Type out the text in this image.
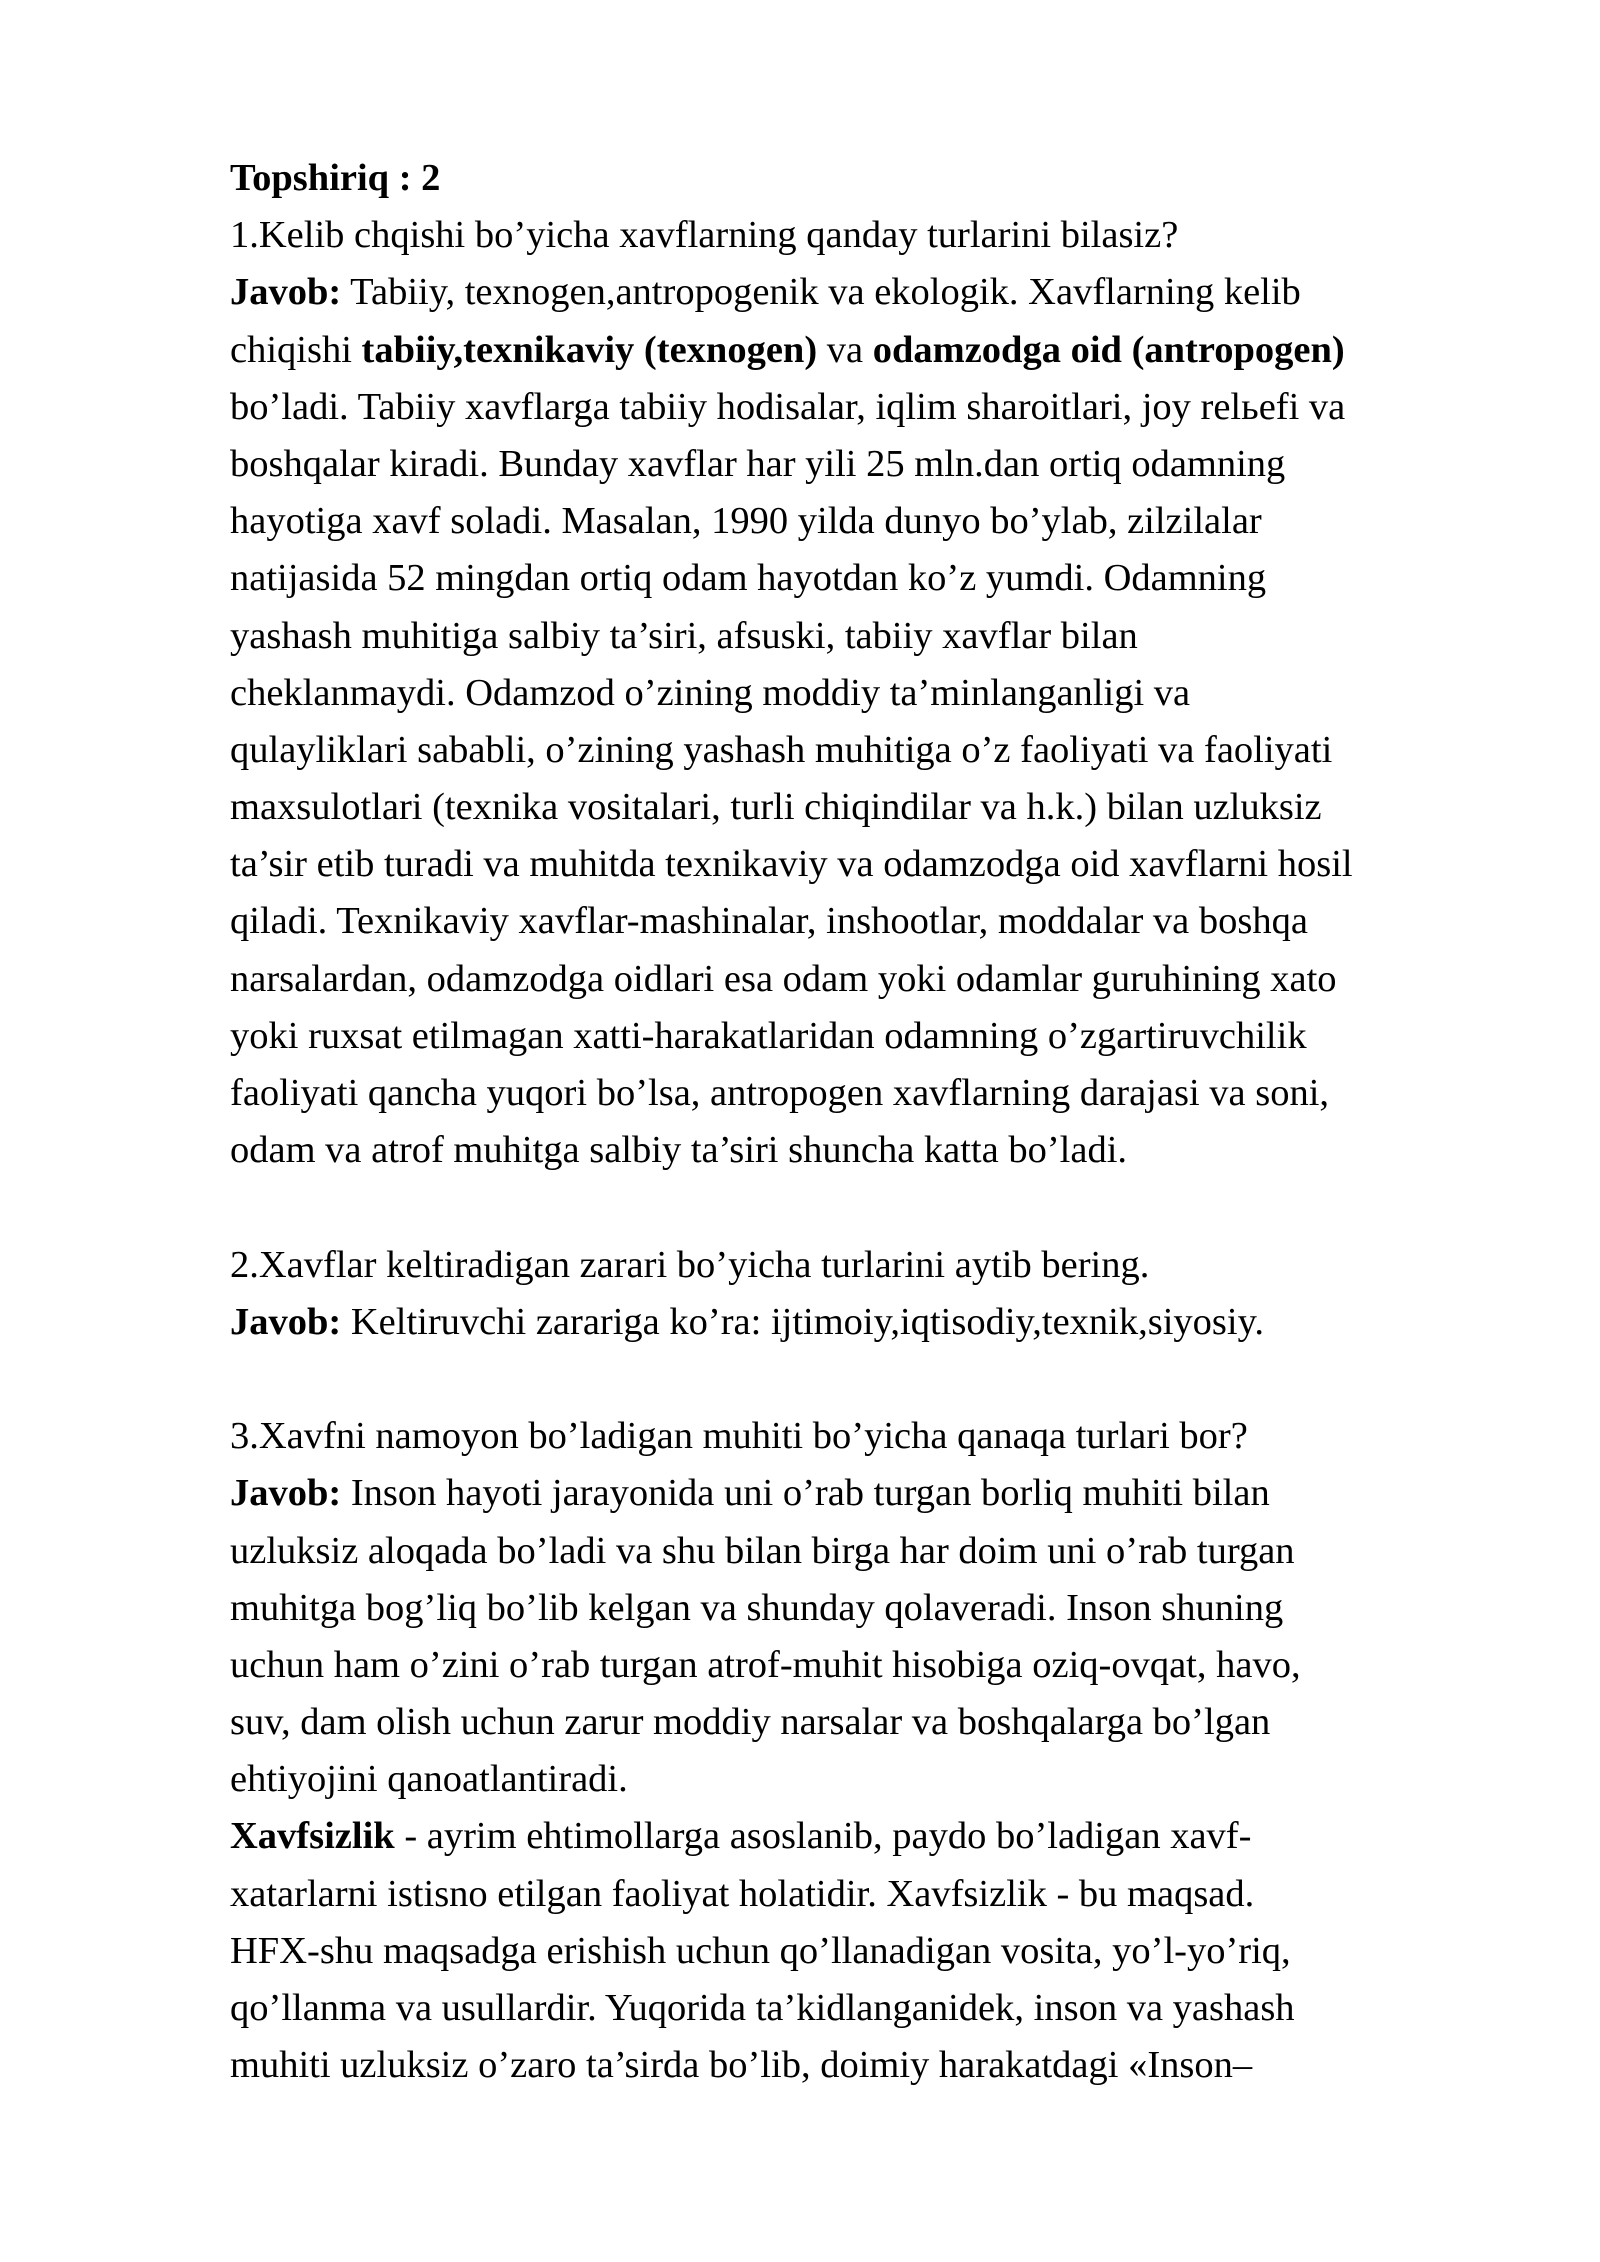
Topshiriq : 2
1.Kelib chqishi bo’yicha xavflarning qanday turlarini bilasiz?
Javob: Tabiiy, texnogen,antropogenik va ekologik. Xavflarning kelib
chiqishi tabiiy,texnikaviy (texnogen) va odamzodga oid (antropogen)
bo’ladi. Tabiiy xavflarga tabiiy hodisalar, iqlim sharoitlari, joy relьefi va
boshqalar kiradi. Bunday xavflar har yili 25 mln.dan ortiq odamning
hayotiga xavf soladi. Masalan, 1990 yilda dunyo bo’ylab, zilzilalar
natijasida 52 mingdan ortiq odam hayotdan ko’z yumdi. Odamning
yashash muhitiga salbiy ta’siri, afsuski, tabiiy xavflar bilan
cheklanmaydi. Odamzod o’zining moddiy ta’minlanganligi va
qulayliklari sababli, o’zining yashash muhitiga o’z faoliyati va faoliyati
maxsulotlari (texnika vositalari, turli chiqindilar va h.k.) bilan uzluksiz
ta’sir etib turadi va muhitda texnikaviy va odamzodga oid xavflarni hosil
qiladi. Texnikaviy xavflar-mashinalar, inshootlar, moddalar va boshqa
narsalardan, odamzodga oidlari esa odam yoki odamlar guruhining xato
yoki ruxsat etilmagan xatti-harakatlaridan odamning o’zgartiruvchilik
faoliyati qancha yuqori bo’lsa, antropogen xavflarning darajasi va soni,
odam va atrof muhitga salbiy ta’siri shuncha katta bo’ladi.
2.Xavflar keltiradigan zarari bo’yicha turlarini aytib bering.
Javob: Keltiruvchi zarariga ko’ra: ijtimoiy,iqtisodiy,texnik,siyosiy.
3.Xavfni namoyon bo’ladigan muhiti bo’yicha qanaqa turlari bor?
Javob: Inson hayoti jarayonida uni o’rab turgan borliq muhiti bilan
uzluksiz aloqada bo’ladi va shu bilan birga har doim uni o’rab turgan
muhitga bog’liq bo’lib kelgan va shunday qolaveradi. Inson shuning
uchun ham o’zini o’rab turgan atrof-muhit hisobiga oziq-ovqat, havo,
suv, dam olish uchun zarur moddiy narsalar va boshqalarga bo’lgan
ehtiyojini qanoatlantiradi.
Xavfsizlik - ayrim ehtimollarga asoslanib, paydo bo’ladigan xavf-
xatarlarni istisno etilgan faoliyat holatidir. Xavfsizlik - bu maqsad.
HFX-shu maqsadga erishish uchun qo’llanadigan vosita, yo’l-yo’riq,
qo’llanma va usullardir. Yuqorida ta’kidlanganidek, inson va yashash
muhiti uzluksiz o’zaro ta’sirda bo’lib, doimiy harakatdagi «Inson–
